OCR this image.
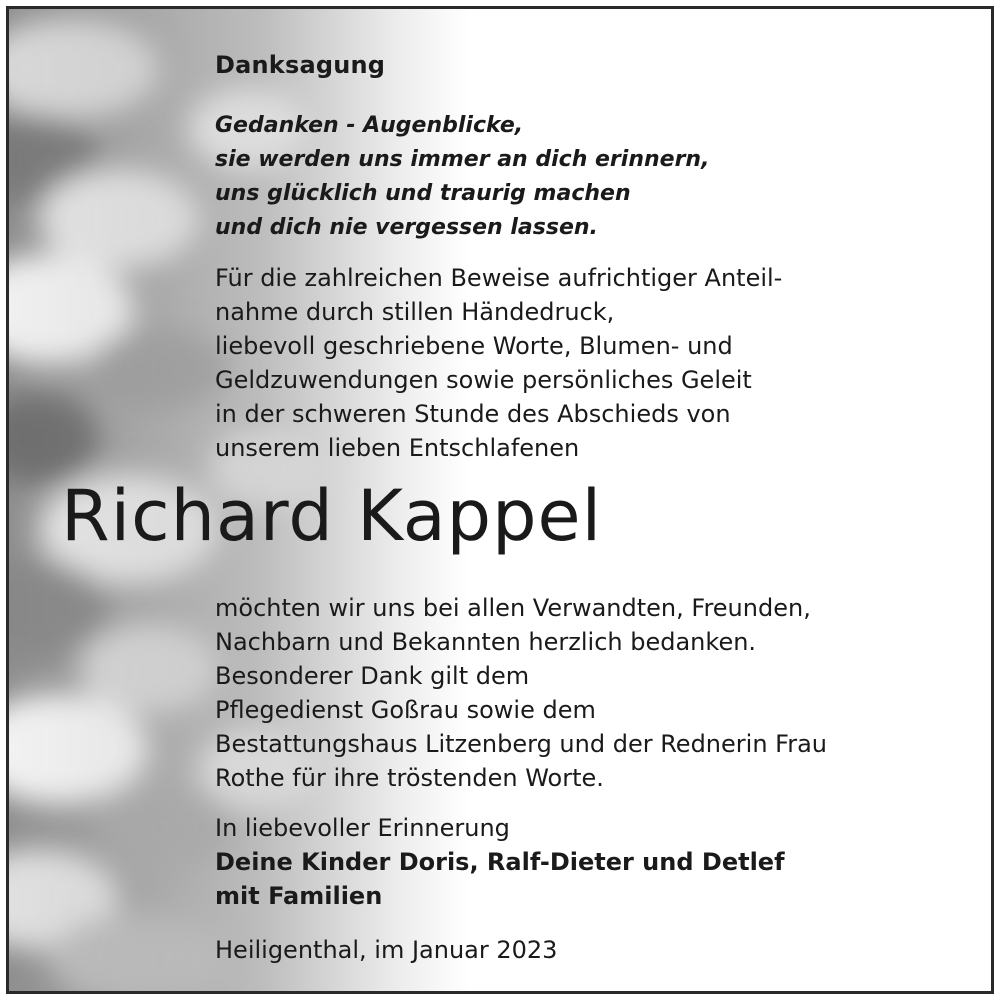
Danksagung

Gedanken - Augenblicke,
sie werden uns immer an dich erinnern,
uns glücklich und traurig machen
und dich nie vergessen lassen.

Für die zahlreichen Beweise aufrichtiger Anteil-
nahme durch stillen Händedruck,
liebevoll geschriebene Worte, Blumen- und
Geldzuwendungen sowie persönliches Geleit
in der schweren Stunde des Abschieds von
unserem lieben Entschlafenen

Richard Kappel

möchten wir uns bei allen Verwandten, Freunden,
Nachbarn und Bekannten herzlich bedanken.
Besonderer Dank gilt dem
Pflegedienst Goßrau sowie dem
Bestattungshaus Litzenberg und der Rednerin Frau
Rothe für ihre tröstenden Worte.

In liebevoller Erinnerung

Deine Kinder Doris, Ralf-Dieter und Detlef
mit Familien

Heiligenthal, im Januar 2023
